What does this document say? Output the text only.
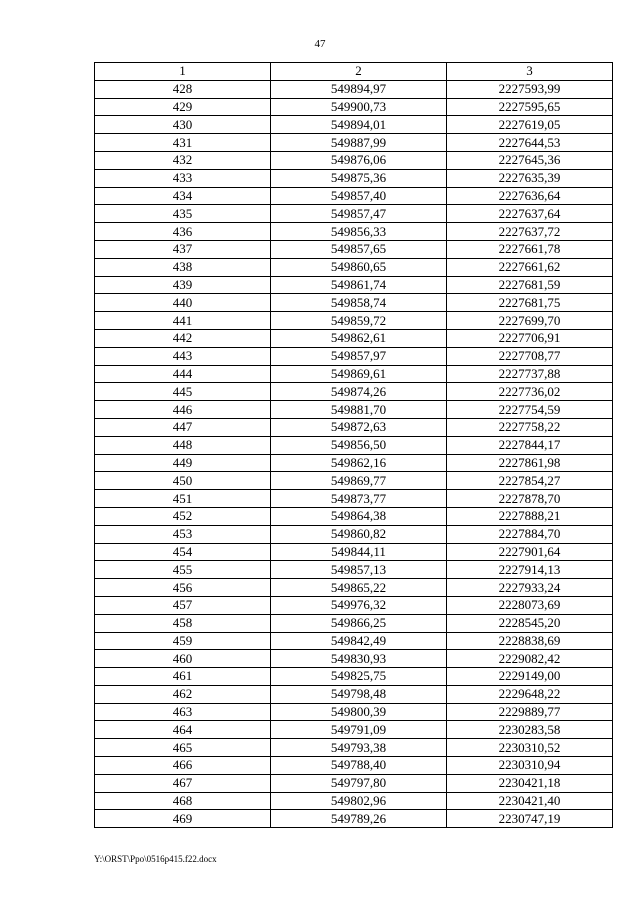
47
1	2	3
428	549894,97	2227593,99
429	549900,73	2227595,65
430	549894,01	2227619,05
431	549887,99	2227644,53
432	549876,06	2227645,36
433	549875,36	2227635,39
434	549857,40	2227636,64
435	549857,47	2227637,64
436	549856,33	2227637,72
437	549857,65	2227661,78
438	549860,65	2227661,62
439	549861,74	2227681,59
440	549858,74	2227681,75
441	549859,72	2227699,70
442	549862,61	2227706,91
443	549857,97	2227708,77
444	549869,61	2227737,88
445	549874,26	2227736,02
446	549881,70	2227754,59
447	549872,63	2227758,22
448	549856,50	2227844,17
449	549862,16	2227861,98
450	549869,77	2227854,27
451	549873,77	2227878,70
452	549864,38	2227888,21
453	549860,82	2227884,70
454	549844,11	2227901,64
455	549857,13	2227914,13
456	549865,22	2227933,24
457	549976,32	2228073,69
458	549866,25	2228545,20
459	549842,49	2228838,69
460	549830,93	2229082,42
461	549825,75	2229149,00
462	549798,48	2229648,22
463	549800,39	2229889,77
464	549791,09	2230283,58
465	549793,38	2230310,52
466	549788,40	2230310,94
467	549797,80	2230421,18
468	549802,96	2230421,40
469	549789,26	2230747,19
Y:\ORST\Ppo\0516p415.f22.docx
